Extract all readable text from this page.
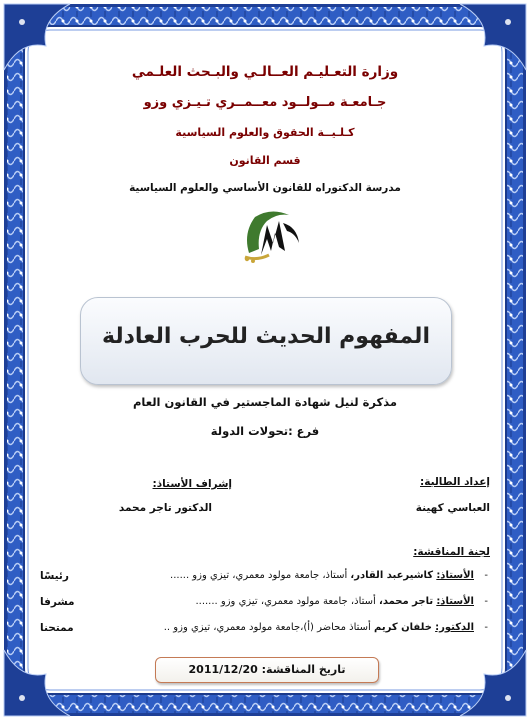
وزارة التعـليـم العــالـي والبـحث العلـمي
جـامعـة مــولــود معــمــري تـيـزي وزو
كـلـيــة الحقوق والعلوم السياسية
قسم القانون
مدرسة الدكتوراه للقانون الأساسي والعلوم السياسية
المفهوم الحديث للحرب العادلة
مذكرة لنيل شهادة الماجستير في القانون العام
فرع :تحولات الدولة
إعداد الطالبة:
العباسي كهينة
إشراف الأستاذ:
الدكتور تاجر محمد
لجنة المناقشة:
-
الأستاذ: كاشيرعبد القادر، أستاذ، جامعة مولود معمري، تيزي وزو ......
رئيسًا
-
الأستاذ: تاجر محمد، أستاذ، جامعة مولود معمري، تيزي وزو .......
مشرفا
-
الدكتور: خلفان كريم أستاذ محاضر (أ)،جامعة مولود معمري، تيزي وزو ..
ممتحنا
تاريخ المناقشة: 2011/12/20
